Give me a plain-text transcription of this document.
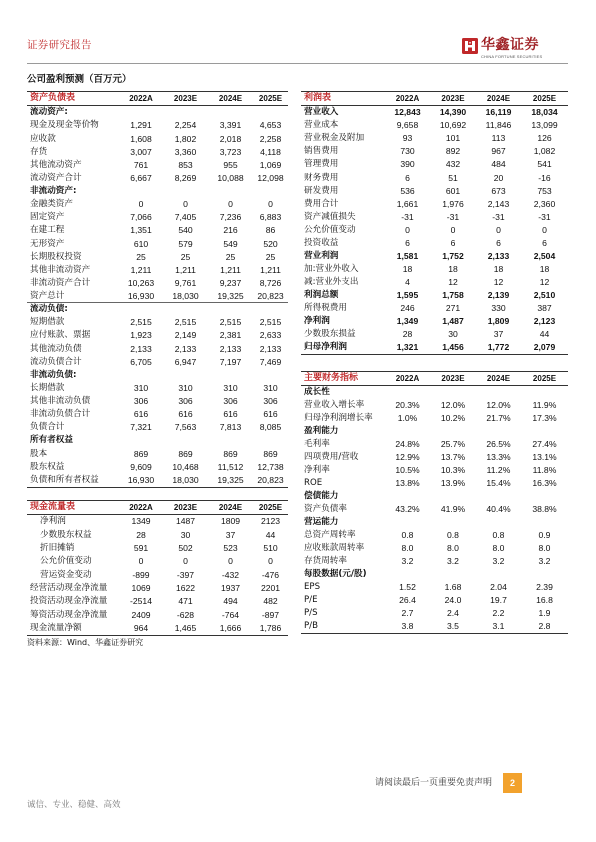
证券研究报告	华鑫证券
CHINA FORTUNE SECURITIES
公司盈利预测（百万元）
资产负债表	2022A	2023E	2024E	2025E
流动资产:
现金及现金等价物	1,291	2,254	3,391	4,653
应收款	1,608	1,802	2,018	2,258
存货	3,007	3,360	3,723	4,118
其他流动资产	761	853	955	1,069
流动资产合计	6,667	8,269	10,088	12,098
非流动资产:
金融类资产	0	0	0	0
固定资产	7,066	7,405	7,236	6,883
在建工程	1,351	540	216	86
无形资产	610	579	549	520
长期股权投资	25	25	25	25
其他非流动资产	1,211	1,211	1,211	1,211
非流动资产合计	10,263	9,761	9,237	8,726
资产总计	16,930	18,030	19,325	20,823
流动负债:
短期借款	2,515	2,515	2,515	2,515
应付账款、票据	1,923	2,149	2,381	2,633
其他流动负债	2,133	2,133	2,133	2,133
流动负债合计	6,705	6,947	7,197	7,469
非流动负债:
长期借款	310	310	310	310
其他非流动负债	306	306	306	306
非流动负债合计	616	616	616	616
负债合计	7,321	7,563	7,813	8,085
所有者权益
股本	869	869	869	869
股东权益	9,609	10,468	11,512	12,738
负债和所有者权益	16,930	18,030	19,325	20,823
利润表	2022A	2023E	2024E	2025E
营业收入	12,843	14,390	16,119	18,034
营业成本	9,658	10,692	11,846	13,099
营业税金及附加	93	101	113	126
销售费用	730	892	967	1,082
管理费用	390	432	484	541
财务费用	6	51	20	-16
研发费用	536	601	673	753
费用合计	1,661	1,976	2,143	2,360
资产减值损失	-31	-31	-31	-31
公允价值变动	0	0	0	0
投资收益	6	6	6	6
营业利润	1,581	1,752	2,133	2,504
加:营业外收入	18	18	18	18
减:营业外支出	4	12	12	12
利润总额	1,595	1,758	2,139	2,510
所得税费用	246	271	330	387
净利润	1,349	1,487	1,809	2,123
少数股东损益	28	30	37	44
归母净利润	1,321	1,456	1,772	2,079
主要财务指标	2022A	2023E	2024E	2025E
成长性
营业收入增长率	20.3%	12.0%	12.0%	11.9%
归母净利润增长率	1.0%	10.2%	21.7%	17.3%
盈利能力
毛利率	24.8%	25.7%	26.5%	27.4%
四项费用/营收	12.9%	13.7%	13.3%	13.1%
净利率	10.5%	10.3%	11.2%	11.8%
ROE	13.8%	13.9%	15.4%	16.3%
偿债能力
资产负债率	43.2%	41.9%	40.4%	38.8%
营运能力
总资产周转率	0.8	0.8	0.8	0.9
应收账款周转率	8.0	8.0	8.0	8.0
存货周转率	3.2	3.2	3.2	3.2
每股数据(元/股)
EPS	1.52	1.68	2.04	2.39
P/E	26.4	24.0	19.7	16.8
P/S	2.7	2.4	2.2	1.9
P/B	3.8	3.5	3.1	2.8
现金流量表	2022A	2023E	2024E	2025E
净利润	1349	1487	1809	2123
少数股东权益	28	30	37	44
折旧摊销	591	502	523	510
公允价值变动	0	0	0	0
营运资金变动	-899	-397	-432	-476
经营活动现金净流量	1069	1622	1937	2201
投资活动现金净流量	-2514	471	494	482
筹资活动现金净流量	2409	-628	-764	-897
现金流量净额	964	1,465	1,666	1,786
资料来源：Wind、华鑫证券研究
请阅读最后一页重要免责声明	2
诚信、专业、稳健、高效
